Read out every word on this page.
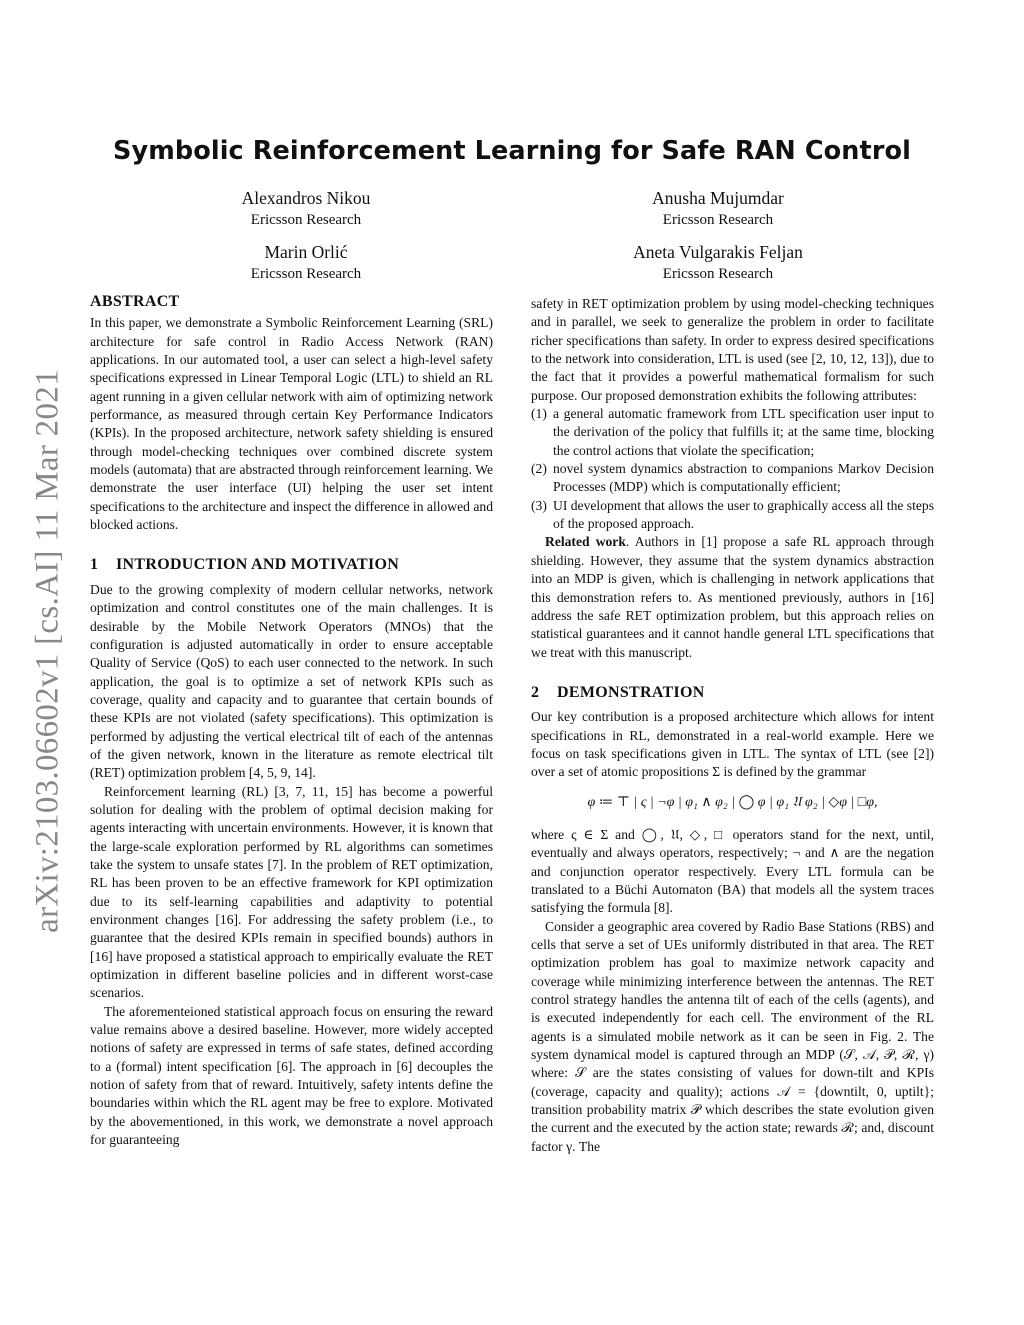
arXiv:2103.06602v1 [cs.AI] 11 Mar 2021
Symbolic Reinforcement Learning for Safe RAN Control
Alexandros Nikou
Ericsson Research
Anusha Mujumdar
Ericsson Research
Marin Orlić
Ericsson Research
Aneta Vulgarakis Feljan
Ericsson Research
ABSTRACT

In this paper, we demonstrate a Symbolic Reinforcement Learning (SRL) architecture for safe control in Radio Access Network (RAN) applications. In our automated tool, a user can select a high-level safety specifications expressed in Linear Temporal Logic (LTL) to shield an RL agent running in a given cellular network with aim of optimizing network performance, as measured through certain Key Performance Indicators (KPIs). In the proposed architecture, network safety shielding is ensured through model-checking techniques over combined discrete system models (automata) that are abstracted through reinforcement learning. We demonstrate the user interface (UI) helping the user set intent specifications to the architecture and inspect the difference in allowed and blocked actions.

1 INTRODUCTION AND MOTIVATION

Due to the growing complexity of modern cellular networks, network optimization and control constitutes one of the main challenges. It is desirable by the Mobile Network Operators (MNOs) that the configuration is adjusted automatically in order to ensure acceptable Quality of Service (QoS) to each user connected to the network. In such application, the goal is to optimize a set of network KPIs such as coverage, quality and capacity and to guarantee that certain bounds of these KPIs are not violated (safety specifications). This optimization is performed by adjusting the vertical electrical tilt of each of the antennas of the given network, known in the literature as remote electrical tilt (RET) optimization problem [4, 5, 9, 14].

Reinforcement learning (RL) [3, 7, 11, 15] has become a powerful solution for dealing with the problem of optimal decision making for agents interacting with uncertain environments. However, it is known that the large-scale exploration performed by RL algorithms can sometimes take the system to unsafe states [7]. In the problem of RET optimization, RL has been proven to be an effective framework for KPI optimization due to its self-learning capabilities and adaptivity to potential environment changes [16]. For addressing the safety problem (i.e., to guarantee that the desired KPIs remain in specified bounds) authors in [16] have proposed a statistical approach to empirically evaluate the RET optimization in different baseline policies and in different worst-case scenarios.

The aforementeioned statistical approach focus on ensuring the reward value remains above a desired baseline. However, more widely accepted notions of safety are expressed in terms of safe states, defined according to a (formal) intent specification [6]. The approach in [6] decouples the notion of safety from that of reward. Intuitively, safety intents define the boundaries within which the RL agent may be free to explore. Motivated by the abovementioned, in this work, we demonstrate a novel approach for guaranteeing

safety in RET optimization problem by using model-checking techniques and in parallel, we seek to generalize the problem in order to facilitate richer specifications than safety. In order to express desired specifications to the network into consideration, LTL is used (see [2, 10, 12, 13]), due to the fact that it provides a powerful mathematical formalism for such purpose. Our proposed demonstration exhibits the following attributes:

(1) a general automatic framework from LTL specification user input to the derivation of the policy that fulfills it; at the same time, blocking the control actions that violate the specification;
(2) novel system dynamics abstraction to companions Markov Decision Processes (MDP) which is computationally efficient;
(3) UI development that allows the user to graphically access all the steps of the proposed approach.

Related work. Authors in [1] propose a safe RL approach through shielding. However, they assume that the system dynamics abstraction into an MDP is given, which is challenging in network applications that this demonstration refers to. As mentioned previously, authors in [16] address the safe RET optimization problem, but this approach relies on statistical guarantees and it cannot handle general LTL specifications that we treat with this manuscript.

2 DEMONSTRATION

Our key contribution is a proposed architecture which allows for intent specifications in RL, demonstrated in a real-world example. Here we focus on task specifications given in LTL. The syntax of LTL (see [2]) over a set of atomic propositions Σ is defined by the grammar

φ ≔ ⊤ | ς | ¬φ | φ₁ ∧ φ₂ | ◯ φ | φ₁ 𝔘 φ₂ | ◇φ | □φ,

where ς ∈ Σ and ◯, 𝔘, ◇, □ operators stand for the next, until, eventually and always operators, respectively; ¬ and ∧ are the negation and conjunction operator respectively. Every LTL formula can be translated to a Büchi Automaton (BA) that models all the system traces satisfying the formula [8].

Consider a geographic area covered by Radio Base Stations (RBS) and cells that serve a set of UEs uniformly distributed in that area. The RET optimization problem has goal to maximize network capacity and coverage while minimizing interference between the antennas. The RET control strategy handles the antenna tilt of each of the cells (agents), and is executed independently for each cell. The environment of the RL agents is a simulated mobile network as it can be seen in Fig. 2. The system dynamical model is captured through an MDP (𝒮, 𝒜, 𝒫, ℛ, γ) where: 𝒮 are the states consisting of values for down-tilt and KPIs (coverage, capacity and quality); actions 𝒜 = {downtilt, 0, uptilt}; transition probability matrix 𝒫 which describes the state evolution given the current and the executed by the action state; rewards ℛ; and, discount factor γ. The
